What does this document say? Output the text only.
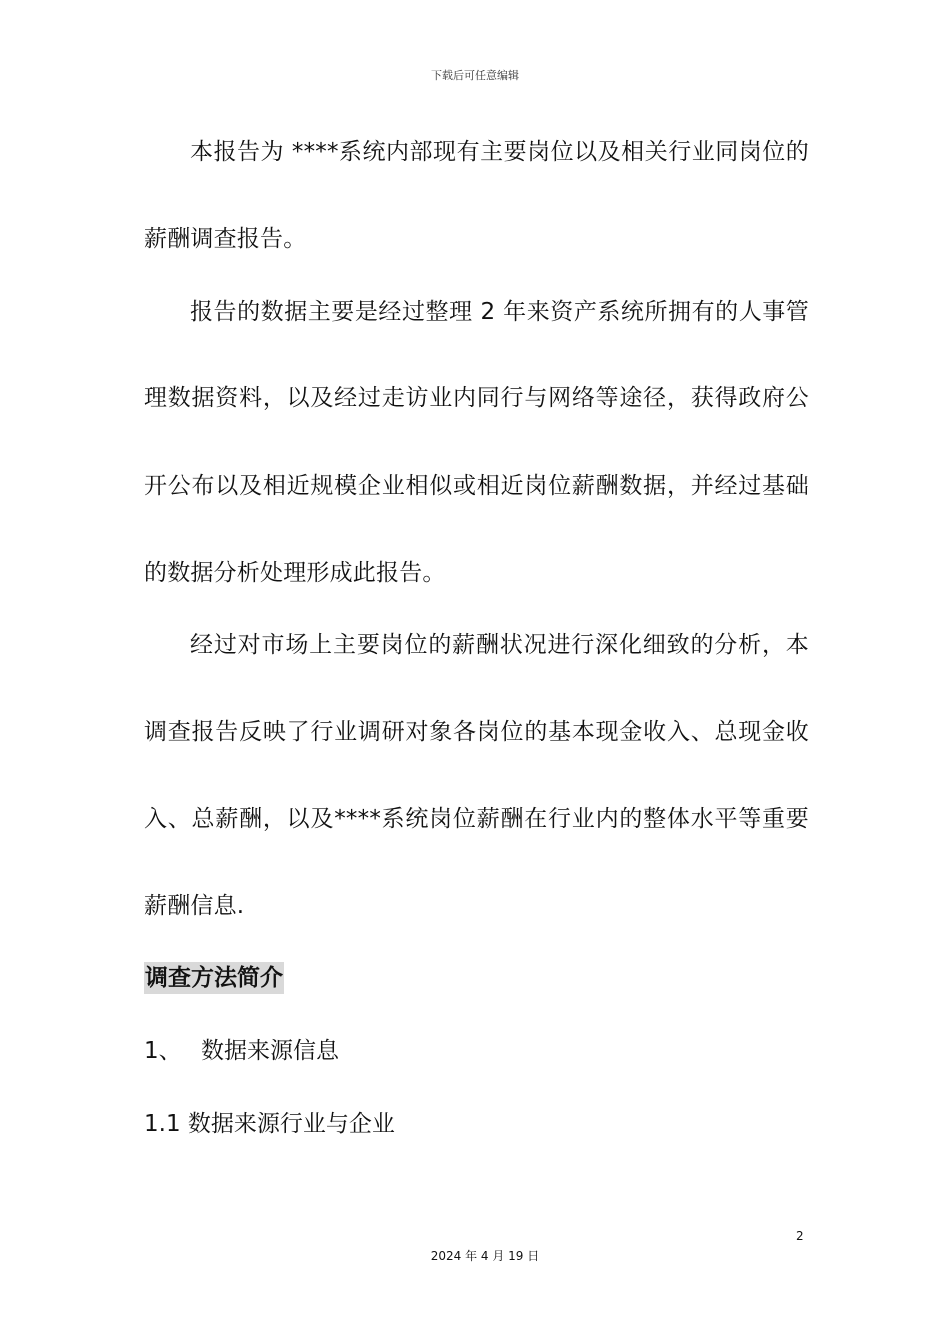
下载后可任意编辑
本报告为 ****系统内部现有主要岗位以及相关行业同岗位的
薪酬调查报告。
报告的数据主要是经过整理 2 年来资产系统所拥有的人事管
理数据资料，以及经过走访业内同行与网络等途径，获得政府公
开公布以及相近规模企业相似或相近岗位薪酬数据，并经过基础
的数据分析处理形成此报告。
经过对市场上主要岗位的薪酬状况进行深化细致的分析，本
调查报告反映了行业调研对象各岗位的基本现金收入、总现金收
入、总薪酬，以及****系统岗位薪酬在行业内的整体水平等重要
薪酬信息.
调查方法简介
1、 数据来源信息
1.1 数据来源行业与企业
2
2024 年 4 月 19 日
